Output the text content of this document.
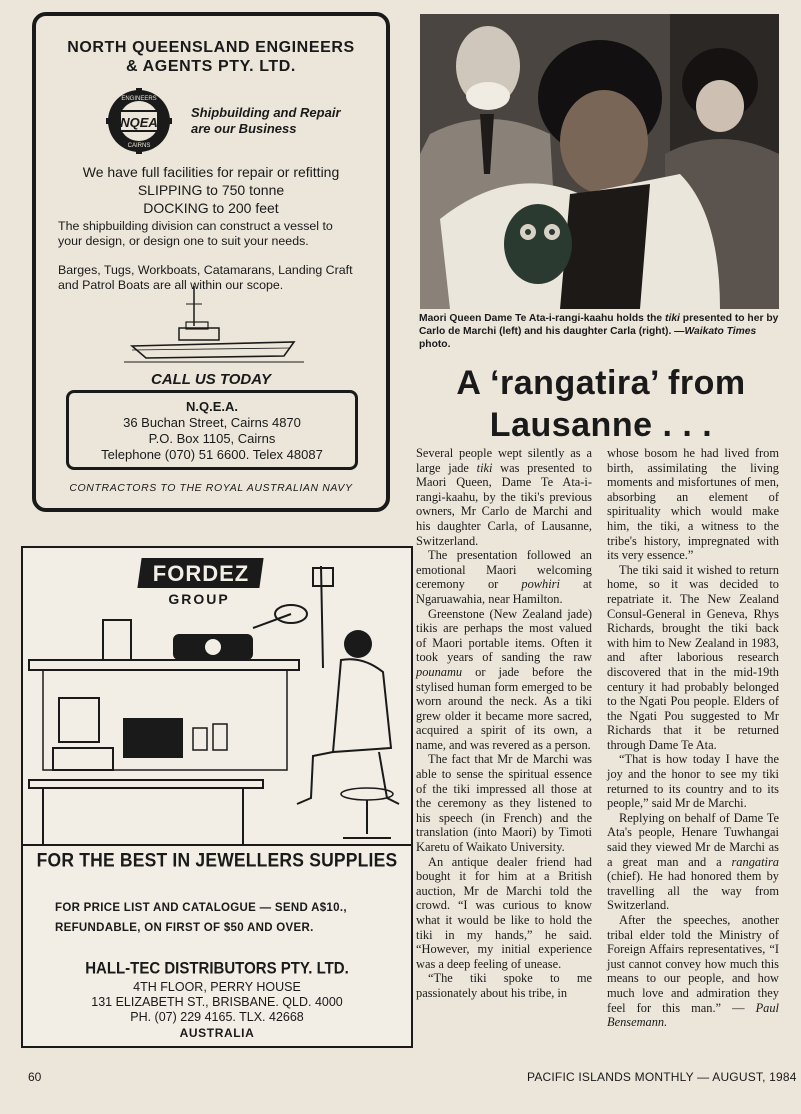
NORTH QUEENSLAND ENGINEERS
& AGENTS PTY. LTD.
NQEA
ENGINEERS
CAIRNS
Shipbuilding and Repair
are our Business
We have full facilities for repair or refitting
SLIPPING to 750 tonne
DOCKING to 200 feet
The shipbuilding division can construct a vessel to
your design, or design one to suit your needs.
Barges, Tugs, Workboats, Catamarans, Landing Craft
and Patrol Boats are all within our scope.
CALL US TODAY
N.Q.E.A.
36 Buchan Street, Cairns 4870
P.O. Box 1105, Cairns
Telephone (070) 51 6600. Telex 48087
CONTRACTORS TO THE ROYAL AUSTRALIAN NAVY
FORDEZ
GROUP
FOR THE BEST IN JEWELLERS SUPPLIES
FOR PRICE LIST AND CATALOGUE — SEND A$10.,
REFUNDABLE, ON FIRST OF $50 AND OVER.
HALL-TEC DISTRIBUTORS PTY. LTD.
4TH FLOOR, PERRY HOUSE
131 ELIZABETH ST., BRISBANE. QLD. 4000
PH. (07) 229 4165. TLX. 42668
AUSTRALIA
Maori Queen Dame Te Ata-i-rangi-kaahu holds the tiki presented to her by Carlo de Marchi (left) and his daughter Carla (right). —Waikato Times photo.
A ‘rangatira’ from
Lausanne . . .

Several people wept silently as a large jade tiki was presented to Maori Queen, Dame Te Ata-i-rangi-kaahu, by the tiki's previous owners, Mr Carlo de Marchi and his daughter Carla, of Lausanne, Switzerland.

The presentation followed an emotional Maori welcoming ceremony or powhiri at Ngaruawahia, near Hamilton.

Greenstone (New Zealand jade) tikis are perhaps the most valued of Maori portable items. Often it took years of sanding the raw pounamu or jade before the stylised human form emerged to be worn around the neck. As a tiki grew older it became more sacred, acquired a spirit of its own, a name, and was revered as a person.

The fact that Mr de Marchi was able to sense the spiritual essence of the tiki impressed all those at the ceremony as they listened to his speech (in French) and the translation (into Maori) by Timoti Karetu of Waikato University.

An antique dealer friend had bought it for him at a British auction, Mr de Marchi told the crowd. “I was curious to know what it would be like to hold the tiki in my hands,” he said. “However, my initial experience was a deep feeling of unease.

“The tiki spoke to me passionately about his tribe, in

whose bosom he had lived from birth, assimilating the living moments and misfortunes of men, absorbing an element of spirituality which would make him, the tiki, a witness to the tribe's history, impregnated with its very essence.”

The tiki said it wished to return home, so it was decided to repatriate it. The New Zealand Consul-General in Geneva, Rhys Richards, brought the tiki back with him to New Zealand in 1983, and after laborious research discovered that in the mid-19th century it had probably belonged to the Ngati Pou people. Elders of the Ngati Pou suggested to Mr Richards that it be returned through Dame Te Ata.

“That is how today I have the joy and the honor to see my tiki returned to its country and to its people,” said Mr de Marchi.

Replying on behalf of Dame Te Ata's people, Henare Tuwhangai said they viewed Mr de Marchi as a great man and a rangatira (chief). He had honored them by travelling all the way from Switzerland.

After the speeches, another tribal elder told the Ministry of Foreign Affairs representatives, “I just cannot convey how much this means to our people, and how much love and admiration they feel for this man.” — Paul Bensemann.

60	PACIFIC ISLANDS MONTHLY — AUGUST, 1984
